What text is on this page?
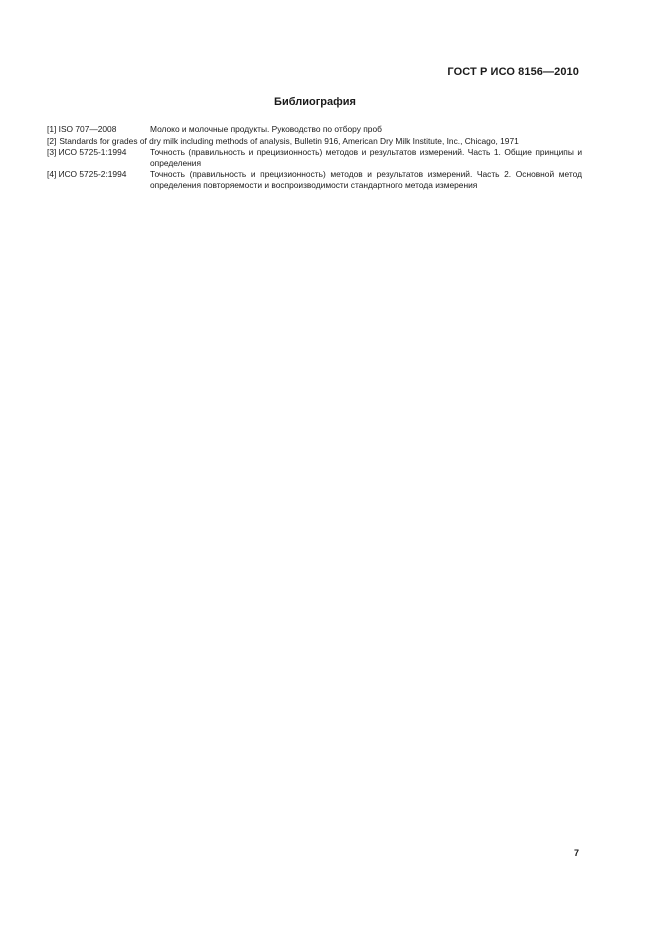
ГОСТ Р ИСО 8156—2010
Библиография
[1] ISO 707—2008	Молоко и молочные продукты. Руководство по отбору проб
[2] Standards for grades of dry milk including methods of analysis, Bulletin 916, American Dry Milk Institute, Inc., Chicago, 1971
[3] ИСО 5725-1:1994	Точность (правильность и прецизионность) методов и результатов измерений. Часть 1. Общие принципы и определения
[4] ИСО 5725-2:1994	Точность (правильность и прецизионность) методов и результатов измерений. Часть 2. Основной метод определения повторяемости и воспроизводимости стандартного метода измерения
7
